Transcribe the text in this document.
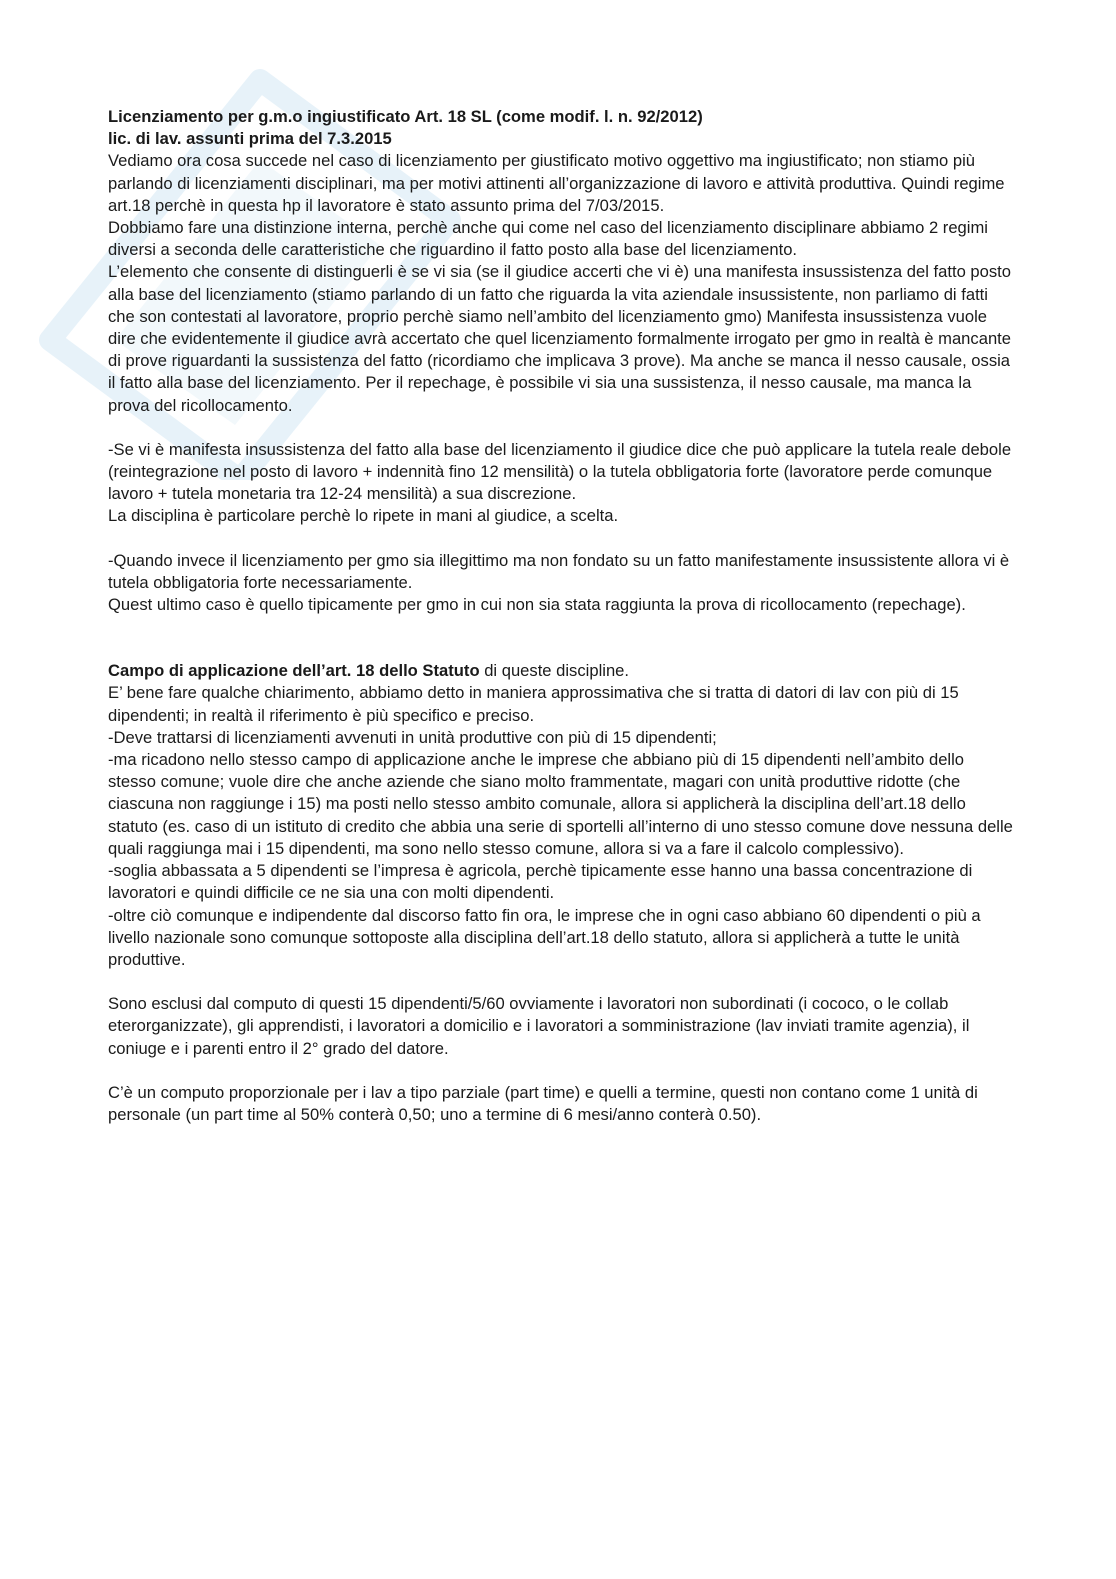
Licenziamento per g.m.o ingiustificato Art. 18 SL (come modif. l. n. 92/2012)

lic. di lav. assunti prima del 7.3.2015

Vediamo ora cosa succede nel caso di licenziamento per giustificato motivo oggettivo ma ingiustificato; non stiamo più parlando di licenziamenti disciplinari, ma per motivi attinenti all’organizzazione di lavoro e attività produttiva. Quindi regime art.18 perchè in questa hp il lavoratore è stato assunto prima del 7/03/2015.

Dobbiamo fare una distinzione interna, perchè anche qui come nel caso del licenziamento disciplinare abbiamo 2 regimi diversi a seconda delle caratteristiche che riguardino il fatto posto alla base del licenziamento.

L’elemento che consente di distinguerli è se vi sia (se il giudice accerti che vi è) una manifesta insussistenza del fatto posto alla base del licenziamento (stiamo parlando di un fatto che riguarda la vita aziendale insussistente, non parliamo di fatti che son contestati al lavoratore, proprio perchè siamo nell’ambito del licenziamento gmo) Manifesta insussistenza vuole dire che evidentemente il giudice avrà accertato che quel licenziamento formalmente irrogato per gmo in realtà è mancante di prove riguardanti la sussistenza del fatto (ricordiamo che implicava 3 prove). Ma anche se manca il nesso causale, ossia il fatto alla base del licenziamento. Per il repechage, è possibile vi sia una sussistenza, il nesso causale, ma manca la prova del ricollocamento.

-Se vi è manifesta insussistenza del fatto alla base del licenziamento il giudice dice che può applicare la tutela reale debole (reintegrazione nel posto di lavoro + indennità fino 12 mensilità) o la tutela obbligatoria forte (lavoratore perde comunque lavoro + tutela monetaria tra 12-24 mensilità) a sua discrezione.

La disciplina è particolare perchè lo ripete in mani al giudice, a scelta.

-Quando invece il licenziamento per gmo sia illegittimo ma non fondato su un fatto manifestamente insussistente allora vi è tutela obbligatoria forte necessariamente.

Quest ultimo caso è quello tipicamente per gmo in cui non sia stata raggiunta la prova di ricollocamento (repechage).

Campo di applicazione dell’art. 18 dello Statuto di queste discipline.

E’ bene fare qualche chiarimento, abbiamo detto in maniera approssimativa che si tratta di datori di lav con più di 15 dipendenti; in realtà il riferimento è più specifico e preciso.

-Deve trattarsi di licenziamenti avvenuti in unità produttive con più di 15 dipendenti;

-ma ricadono nello stesso campo di applicazione anche le imprese che abbiano più di 15 dipendenti nell’ambito dello stesso comune; vuole dire che anche aziende che siano molto frammentate, magari con unità produttive ridotte (che ciascuna non raggiunge i 15) ma posti nello stesso ambito comunale, allora si applicherà la disciplina dell’art.18 dello statuto (es. caso di un istituto di credito che abbia una serie di sportelli all’interno di uno stesso comune dove nessuna delle quali raggiunga mai i 15 dipendenti, ma sono nello stesso comune, allora si va a fare il calcolo complessivo).

-soglia abbassata a 5 dipendenti se l’impresa è agricola, perchè tipicamente esse hanno una bassa concentrazione di lavoratori e quindi difficile ce ne sia una con molti dipendenti.

-oltre ciò comunque e indipendente dal discorso fatto fin ora, le imprese che in ogni caso abbiano 60 dipendenti o più a livello nazionale sono comunque sottoposte alla disciplina dell’art.18 dello statuto, allora si applicherà a tutte le unità produttive.

Sono esclusi dal computo di questi 15 dipendenti/5/60 ovviamente i lavoratori non subordinati (i cococo, o le collab eterorganizzate), gli apprendisti, i lavoratori a domicilio e i lavoratori a somministrazione (lav inviati tramite agenzia), il coniuge e i parenti entro il 2° grado del datore.

C’è un computo proporzionale per i lav a tipo parziale (part time) e quelli a termine, questi non contano come 1 unità di personale (un part time al 50% conterà 0,50; uno a termine di 6 mesi/anno conterà 0.50).
